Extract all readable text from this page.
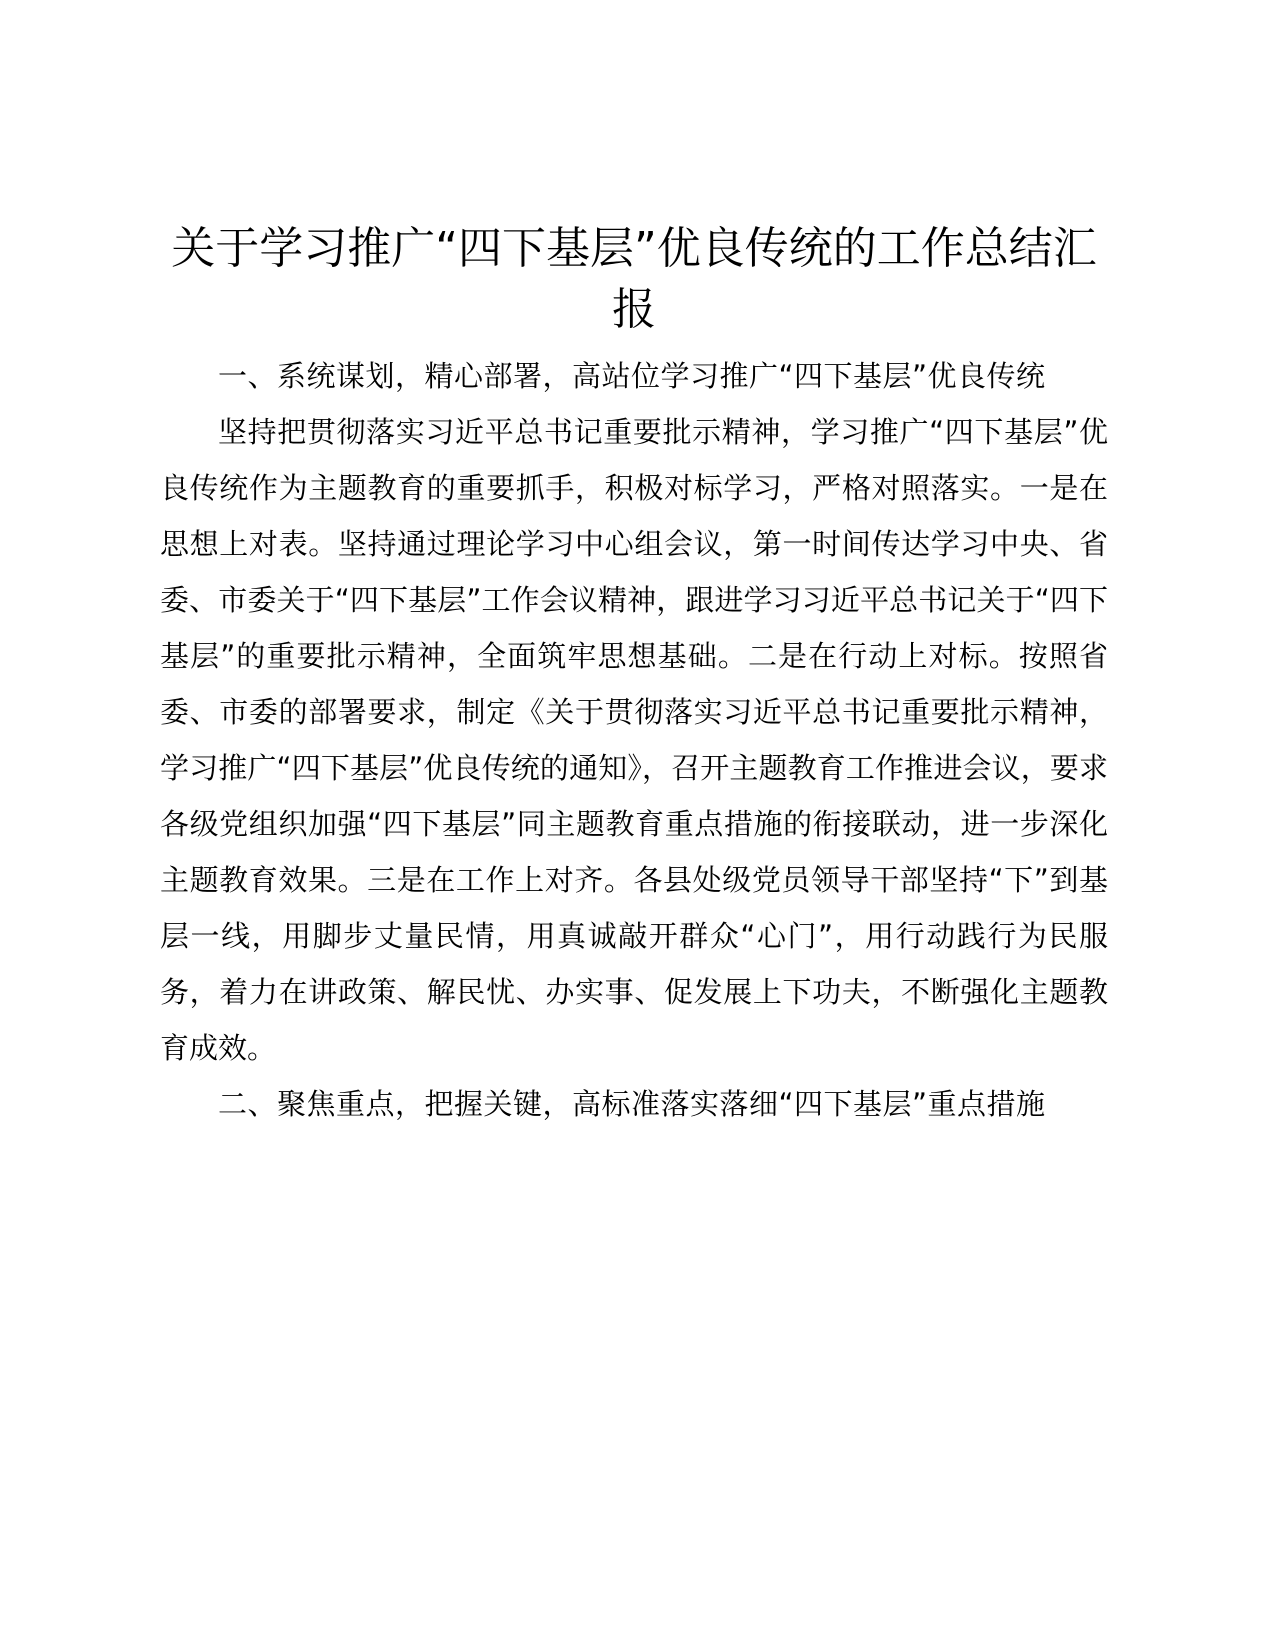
关于学习推广“四下基层”优良传统的工作总结汇报

一、系统谋划，精心部署，高站位学习推广“四下基层”优良传统

坚持把贯彻落实习近平总书记重要批示精神，学习推广“四下基层”优良传统作为主题教育的重要抓手，积极对标学习，严格对照落实。一是在思想上对表。坚持通过理论学习中心组会议，第一时间传达学习中央、省委、市委关于“四下基层”工作会议精神，跟进学习习近平总书记关于“四下基层”的重要批示精神，全面筑牢思想基础。二是在行动上对标。按照省委、市委的部署要求，制定《关于贯彻落实习近平总书记重要批示精神，学习推广“四下基层”优良传统的通知》，召开主题教育工作推进会议，要求各级党组织加强“四下基层”同主题教育重点措施的衔接联动，进一步深化主题教育效果。三是在工作上对齐。各县处级党员领导干部坚持“下”到基层一线，用脚步丈量民情，用真诚敲开群众“心门”，用行动践行为民服务，着力在讲政策、解民忧、办实事、促发展上下功夫，不断强化主题教育成效。

二、聚焦重点，把握关键，高标准落实落细“四下基层”重点措施
